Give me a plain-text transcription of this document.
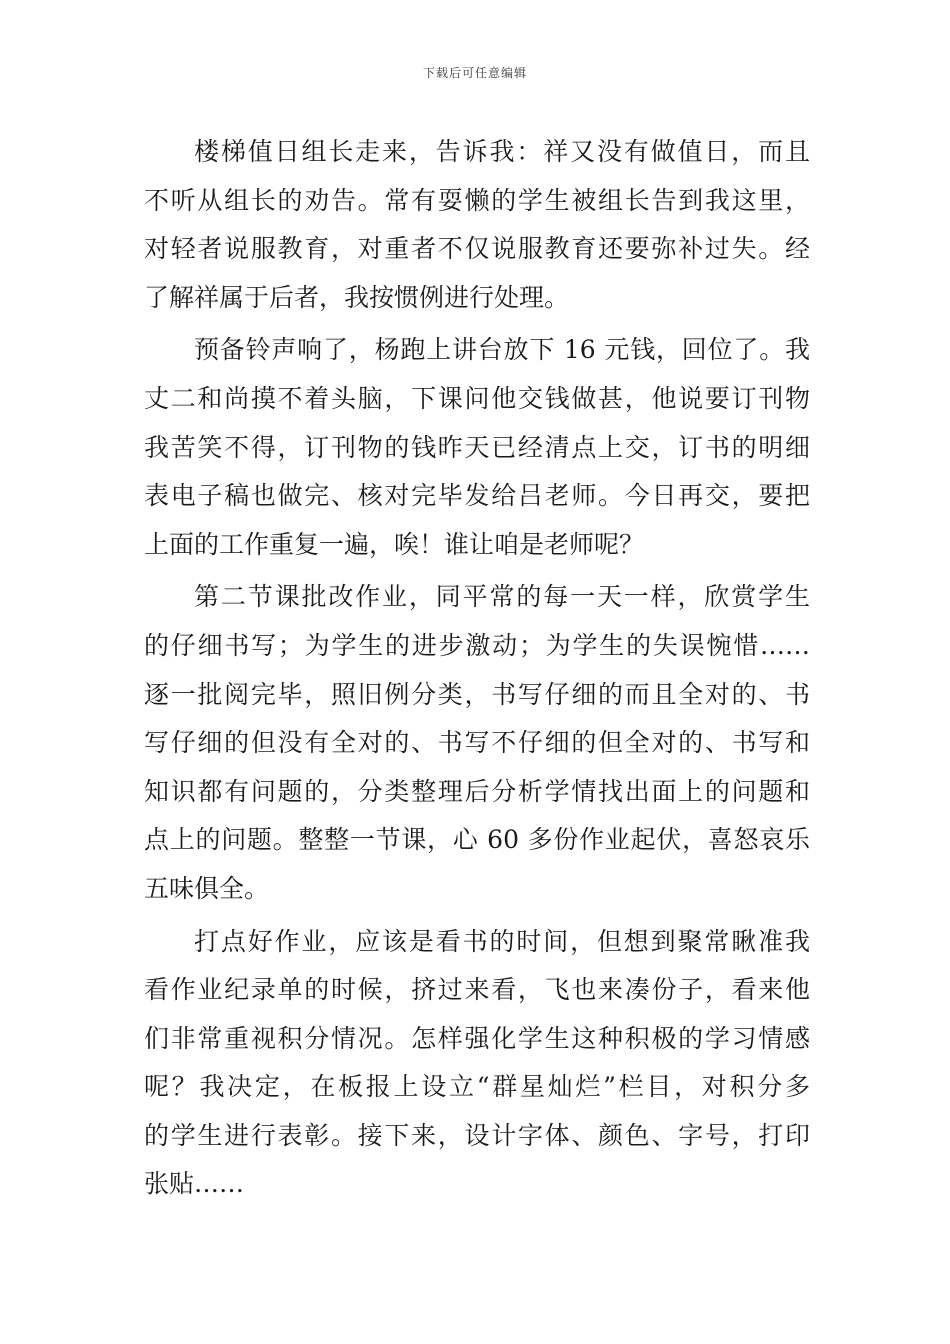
下载后可任意编辑
楼梯值日组长走来，告诉我：祥又没有做值日，而且
不听从组长的劝告。常有耍懒的学生被组长告到我这里，
对轻者说服教育，对重者不仅说服教育还要弥补过失。经
了解祥属于后者，我按惯例进行处理。
预备铃声响了，杨跑上讲台放下 16 元钱，回位了。我
丈二和尚摸不着头脑，下课问他交钱做甚，他说要订刊物
我苦笑不得，订刊物的钱昨天已经清点上交，订书的明细
表电子稿也做完、核对完毕发给吕老师。今日再交，要把
上面的工作重复一遍，唉！谁让咱是老师呢？
第二节课批改作业，同平常的每一天一样，欣赏学生
的仔细书写；为学生的进步激动；为学生的失误惋惜……
逐一批阅完毕，照旧例分类，书写仔细的而且全对的、书
写仔细的但没有全对的、书写不仔细的但全对的、书写和
知识都有问题的，分类整理后分析学情找出面上的问题和
点上的问题。整整一节课，心 60 多份作业起伏，喜怒哀乐
五味俱全。
打点好作业，应该是看书的时间，但想到聚常瞅准我
看作业纪录单的时候，挤过来看，飞也来凑份子，看来他
们非常重视积分情况。怎样强化学生这种积极的学习情感
呢？我决定，在板报上设立“群星灿烂”栏目，对积分多
的学生进行表彰。接下来，设计字体、颜色、字号，打印
张贴……
